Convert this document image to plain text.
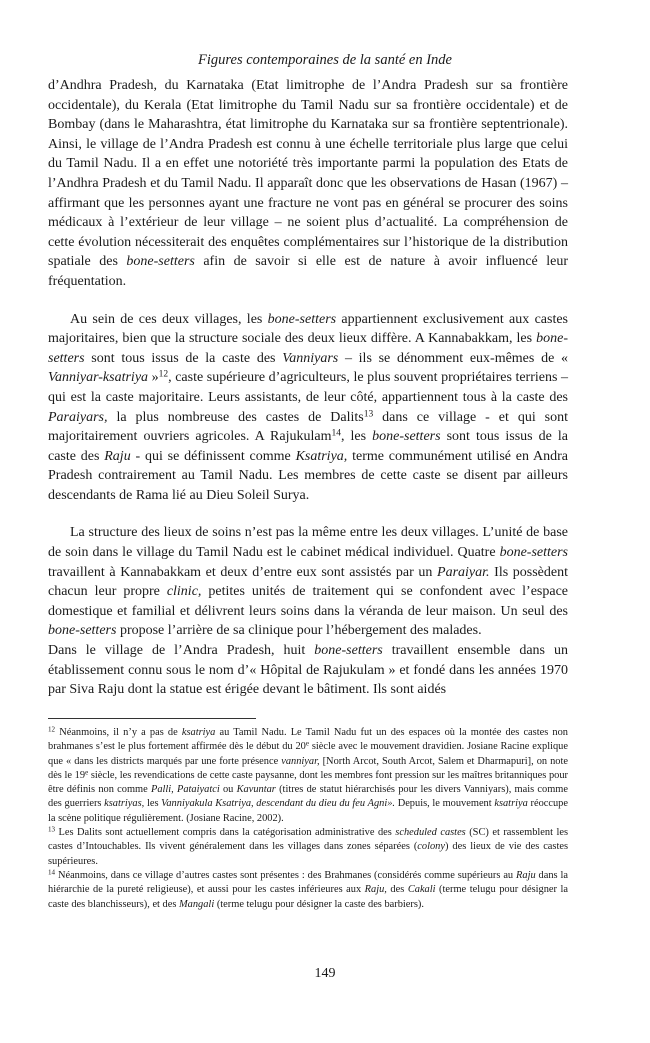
Figures contemporaines de la santé en Inde

d’Andhra Pradesh, du Karnataka (Etat limitrophe de l’Andra Pradesh sur sa frontière occidentale), du Kerala (Etat limitrophe du Tamil Nadu sur sa frontière occidentale) et de Bombay (dans le Maharashtra, état limitrophe du Karnataka sur sa frontière septentrionale). Ainsi, le village de l’Andra Pradesh est connu à une échelle territoriale plus large que celui du Tamil Nadu. Il a en effet une notoriété très importante parmi la population des Etats de l’Andhra Pradesh et du Tamil Nadu. Il apparaît donc que les observations de Hasan (1967) – affirmant que les personnes ayant une fracture ne vont pas en général se procurer des soins médicaux à l’extérieur de leur village – ne soient plus d’actualité. La compréhension de cette évolution nécessiterait des enquêtes complémentaires sur l’historique de la distribution spatiale des bone-setters afin de savoir si elle est de nature à avoir influencé leur fréquentation.

Au sein de ces deux villages, les bone-setters appartiennent exclusivement aux castes majoritaires, bien que la structure sociale des deux lieux diffère. A Kannabakkam, les bone-setters sont tous issus de la caste des Vanniyars – ils se dénomment eux-mêmes de « Vanniyar-ksatriya »$^{12}$, caste supérieure d’agriculteurs, le plus souvent propriétaires terriens – qui est la caste majoritaire. Leurs assistants, de leur côté, appartiennent tous à la caste des Paraiyars, la plus nombreuse des castes de Dalits$^{13}$ dans ce village - et qui sont majoritairement ouvriers agricoles. A Rajukulam$^{14}$, les bone-setters sont tous issus de la caste des Raju - qui se définissent comme Ksatriya, terme communément utilisé en Andra Pradesh contrairement au Tamil Nadu. Les membres de cette caste se disent par ailleurs descendants de Rama lié au Dieu Soleil Surya.

La structure des lieux de soins n’est pas la même entre les deux villages. L’unité de base de soin dans le village du Tamil Nadu est le cabinet médical individuel. Quatre bone-setters travaillent à Kannabakkam et deux d’entre eux sont assistés par un Paraiyar. Ils possèdent chacun leur propre clinic, petites unités de traitement qui se confondent avec l’espace domestique et familial et délivrent leurs soins dans la véranda de leur maison. Un seul des bone-setters propose l’arrière de sa clinique pour l’hébergement des malades.

Dans le village de l’Andra Pradesh, huit bone-setters travaillent ensemble dans un établissement connu sous le nom d’« Hôpital de Rajukulam » et fondé dans les années 1970 par Siva Raju dont la statue est érigée devant le bâtiment. Ils sont aidés

$^{12}$ Néanmoins, il n’y a pas de ksatriya au Tamil Nadu. Le Tamil Nadu fut un des espaces où la montée des castes non brahmanes s’est le plus fortement affirmée dès le début du 20e siècle avec le mouvement dravidien. Josiane Racine explique que « dans les districts marqués par une forte présence vanniyar, [North Arcot, South Arcot, Salem et Dharmapuri], on note dès le 19e siècle, les revendications de cette caste paysanne, dont les membres font pression sur les maîtres britanniques pour être définis non comme Palli, Pataiyatci ou Kavuntar (titres de statut hiérarchisés pour les divers Vanniyars), mais comme des guerriers ksatriyas, les Vanniyakula Ksatriya, descendant du dieu du feu Agni». Depuis, le mouvement ksatriya réoccupe la scène politique régulièrement. (Josiane Racine, 2002).

$^{13}$ Les Dalits sont actuellement compris dans la catégorisation administrative des scheduled castes (SC) et rassemblent les castes d’Intouchables. Ils vivent généralement dans les villages dans zones séparées (colony) des lieux de vie des castes supérieures.

$^{14}$ Néanmoins, dans ce village d’autres castes sont présentes : des Brahmanes (considérés comme supérieurs au Raju dans la hiérarchie de la pureté religieuse), et aussi pour les castes inférieures aux Raju, des Cakali (terme telugu pour désigner la caste des blanchisseurs), et des Mangali (terme telugu pour désigner la caste des barbiers).

149
